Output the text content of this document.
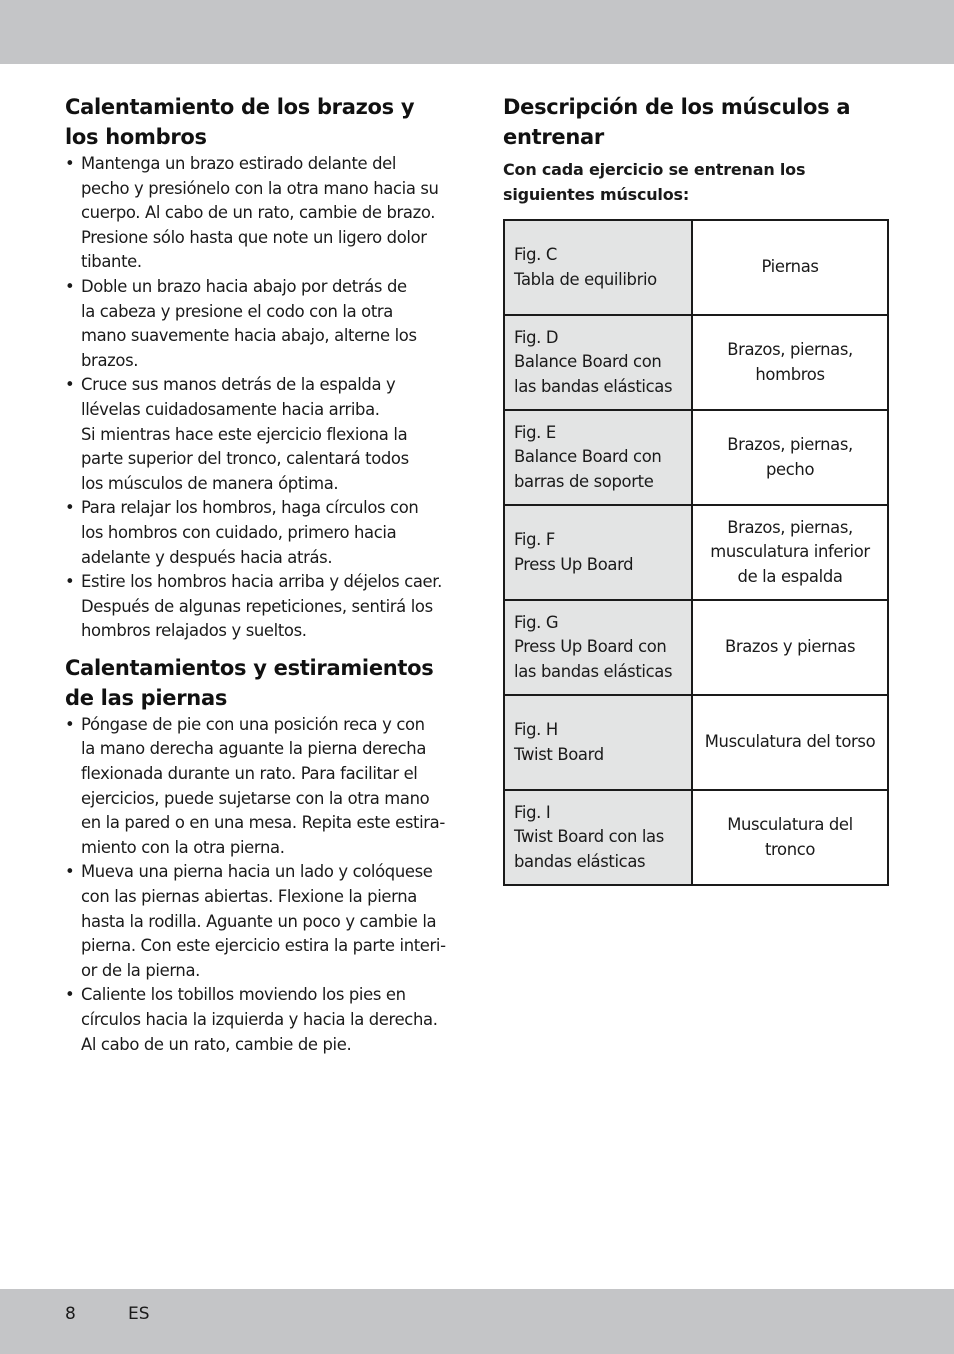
Calentamiento de los brazos y
los hombros
• Mantenga un brazo estirado delante del
pecho y presiónelo con la otra mano hacia su
cuerpo. Al cabo de un rato, cambie de brazo.
Presione sólo hasta que note un ligero dolor
tibante.
• Doble un brazo hacia abajo por detrás de
la cabeza y presione el codo con la otra
mano suavemente hacia abajo, alterne los
brazos.
• Cruce sus manos detrás de la espalda y
llévelas cuidadosamente hacia arriba.
Si mientras hace este ejercicio flexiona la
parte superior del tronco, calentará todos
los músculos de manera óptima.
• Para relajar los hombros, haga círculos con
los hombros con cuidado, primero hacia
adelante y después hacia atrás.
• Estire los hombros hacia arriba y déjelos caer.
Después de algunas repeticiones, sentirá los
hombros relajados y sueltos.
Calentamientos y estiramientos
de las piernas
• Póngase de pie con una posición reca y con
la mano derecha aguante la pierna derecha
flexionada durante un rato. Para facilitar el
ejercicios, puede sujetarse con la otra mano
en la pared o en una mesa. Repita este estira-
miento con la otra pierna.
• Mueva una pierna hacia un lado y colóquese
con las piernas abiertas. Flexione la pierna
hasta la rodilla. Aguante un poco y cambie la
pierna. Con este ejercicio estira la parte interi-
or de la pierna.
• Caliente los tobillos moviendo los pies en
círculos hacia la izquierda y hacia la derecha.
Al cabo de un rato, cambie de pie.
Descripción de los músculos a
entrenar

Con cada ejercicio se entrenan los
siguientes músculos:

Fig. C
Tabla de equilibrio	Piernas

Fig. D
Balance Board con
las bandas elásticas	Brazos, piernas,
hombros

Fig. E
Balance Board con
barras de soporte	Brazos, piernas,
pecho

Fig. F
Press Up Board	Brazos, piernas,
musculatura inferior
de la espalda

Fig. G
Press Up Board con
las bandas elásticas	Brazos y piernas

Fig. H
Twist Board	Musculatura del torso

Fig. I
Twist Board con las
bandas elásticas	Musculatura del
tronco
8	ES
